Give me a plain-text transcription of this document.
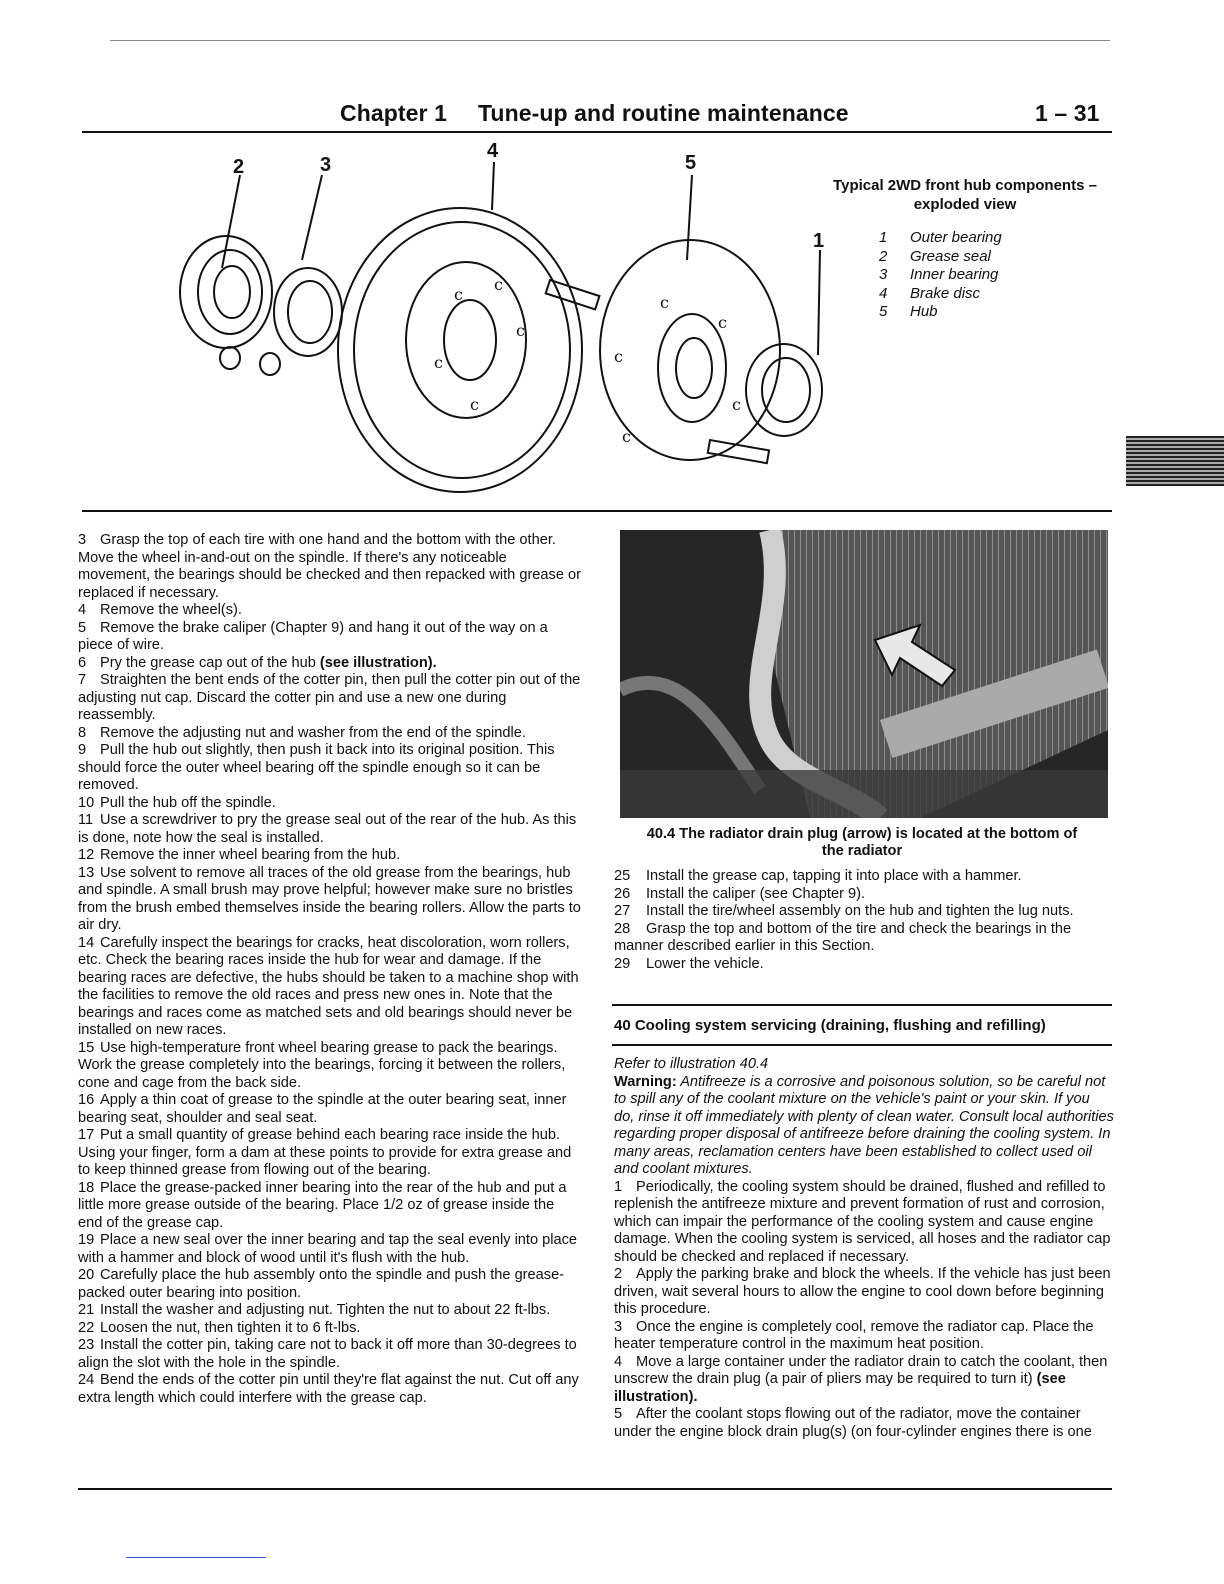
Chapter 1 Tune-up and routine maintenance	1 – 31
c
c
c
c
c
c
c
c
c
c
2	3
4
5
1
Typical 2WD front hub components –
exploded view
1	Outer bearing
2	Grease seal
3	Inner bearing
4	Brake disc
5	Hub

3 Grasp the top of each tire with one hand and the bottom with the other. Move the wheel in-and-out on the spindle. If there's any noticeable movement, the bearings should be checked and then repacked with grease or replaced if necessary.

4 Remove the wheel(s).

5 Remove the brake caliper (Chapter 9) and hang it out of the way on a piece of wire.

6 Pry the grease cap out of the hub (see illustration).

7 Straighten the bent ends of the cotter pin, then pull the cotter pin out of the adjusting nut cap. Discard the cotter pin and use a new one during reassembly.

8 Remove the adjusting nut and washer from the end of the spindle.

9 Pull the hub out slightly, then push it back into its original position. This should force the outer wheel bearing off the spindle enough so it can be removed.

10 Pull the hub off the spindle.

11 Use a screwdriver to pry the grease seal out of the rear of the hub. As this is done, note how the seal is installed.

12 Remove the inner wheel bearing from the hub.

13 Use solvent to remove all traces of the old grease from the bearings, hub and spindle. A small brush may prove helpful; however make sure no bristles from the brush embed themselves inside the bearing rollers. Allow the parts to air dry.

14 Carefully inspect the bearings for cracks, heat discoloration, worn rollers, etc. Check the bearing races inside the hub for wear and damage. If the bearing races are defective, the hubs should be taken to a machine shop with the facilities to remove the old races and press new ones in. Note that the bearings and races come as matched sets and old bearings should never be installed on new races.

15 Use high-temperature front wheel bearing grease to pack the bearings. Work the grease completely into the bearings, forcing it between the rollers, cone and cage from the back side.

16 Apply a thin coat of grease to the spindle at the outer bearing seat, inner bearing seat, shoulder and seal seat.

17 Put a small quantity of grease behind each bearing race inside the hub. Using your finger, form a dam at these points to provide for extra grease and to keep thinned grease from flowing out of the bearing.

18 Place the grease-packed inner bearing into the rear of the hub and put a little more grease outside of the bearing. Place 1/2 oz of grease inside the end of the grease cap.

19 Place a new seal over the inner bearing and tap the seal evenly into place with a hammer and block of wood until it's flush with the hub.

20 Carefully place the hub assembly onto the spindle and push the grease-packed outer bearing into position.

21 Install the washer and adjusting nut. Tighten the nut to about 22 ft-lbs.

22 Loosen the nut, then tighten it to 6 ft-lbs.

23 Install the cotter pin, taking care not to back it off more than 30-degrees to align the slot with the hole in the spindle.

24 Bend the ends of the cotter pin until they're flat against the nut. Cut off any extra length which could interfere with the grease cap.

40.4 The radiator drain plug (arrow) is located at the bottom of
the radiator

25 Install the grease cap, tapping it into place with a hammer.

26 Install the caliper (see Chapter 9).

27 Install the tire/wheel assembly on the hub and tighten the lug nuts.

28 Grasp the top and bottom of the tire and check the bearings in the manner described earlier in this Section.

29 Lower the vehicle.

40 Cooling system servicing (draining, flushing and refilling)

Refer to illustration 40.4

Warning: Antifreeze is a corrosive and poisonous solution, so be careful not to spill any of the coolant mixture on the vehicle's paint or your skin. If you do, rinse it off immediately with plenty of clean water. Consult local authorities regarding proper disposal of antifreeze before draining the cooling system. In many areas, reclamation centers have been established to collect used oil and coolant mixtures.

1 Periodically, the cooling system should be drained, flushed and refilled to replenish the antifreeze mixture and prevent formation of rust and corrosion, which can impair the performance of the cooling system and cause engine damage. When the cooling system is serviced, all hoses and the radiator cap should be checked and replaced if necessary.

2 Apply the parking brake and block the wheels. If the vehicle has just been driven, wait several hours to allow the engine to cool down before beginning this procedure.

3 Once the engine is completely cool, remove the radiator cap. Place the heater temperature control in the maximum heat position.

4 Move a large container under the radiator drain to catch the coolant, then unscrew the drain plug (a pair of pliers may be required to turn it) (see illustration).

5 After the coolant stops flowing out of the radiator, move the container under the engine block drain plug(s) (on four-cylinder engines there is one
